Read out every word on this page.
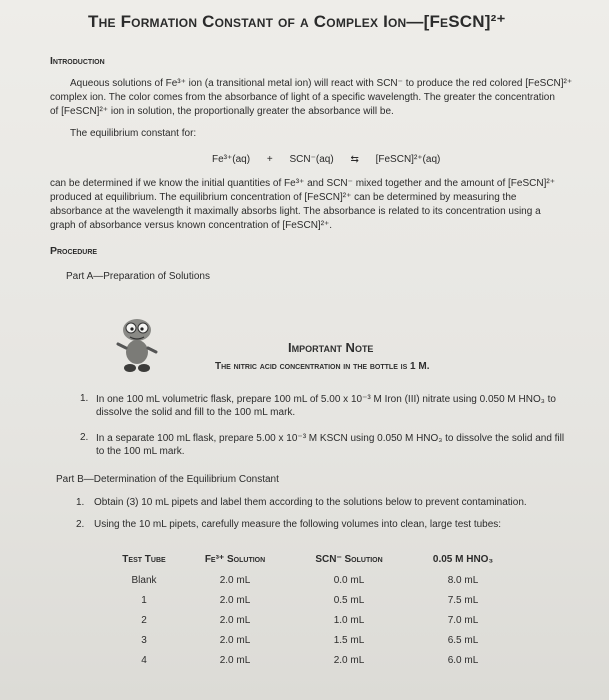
The Formation Constant of a Complex Ion—[FeSCN]²⁺
Introduction
Aqueous solutions of Fe³⁺ ion (a transitional metal ion) will react with SCN⁻ to produce the red colored [FeSCN]²⁺
complex ion. The color comes from the absorbance of light of a specific wavelength. The greater the concentration
of [FeSCN]²⁺ ion in solution, the proportionally greater the absorbance will be.
The equilibrium constant for:
Fe³⁺(aq) + SCN⁻(aq) ⇆ [FeSCN]²⁺(aq)
can be determined if we know the initial quantities of Fe³⁺ and SCN⁻ mixed together and the amount of [FeSCN]²⁺
produced at equilibrium. The equilibrium concentration of [FeSCN]²⁺ can be determined by measuring the
absorbance at the wavelength it maximally absorbs light. The absorbance is related to its concentration using a
graph of absorbance versus known concentration of [FeSCN]²⁺.
Procedure
Part A—Preparation of Solutions
Important Note
The nitric acid concentration in the bottle is 1 M.
1. In one 100 mL volumetric flask, prepare 100 mL of 5.00 x 10⁻³ M Iron (III) nitrate using 0.050 M HNO₃ to
dissolve the solid and fill to the 100 mL mark.
2. In a separate 100 mL flask, prepare 5.00 x 10⁻³ M KSCN using 0.050 M HNO₃ to dissolve the solid and fill
to the 100 mL mark.
Part B—Determination of the Equilibrium Constant
1. Obtain (3) 10 mL pipets and label them according to the solutions below to prevent contamination.
2. Using the 10 mL pipets, carefully measure the following volumes into clean, large test tubes:
Test Tube	Fe³⁺ Solution	SCN⁻ Solution	0.05 M HNO₃
Blank	2.0 mL	0.0 mL	8.0 mL
1	2.0 mL	0.5 mL	7.5 mL
2	2.0 mL	1.0 mL	7.0 mL
3	2.0 mL	1.5 mL	6.5 mL
4	2.0 mL	2.0 mL	6.0 mL
